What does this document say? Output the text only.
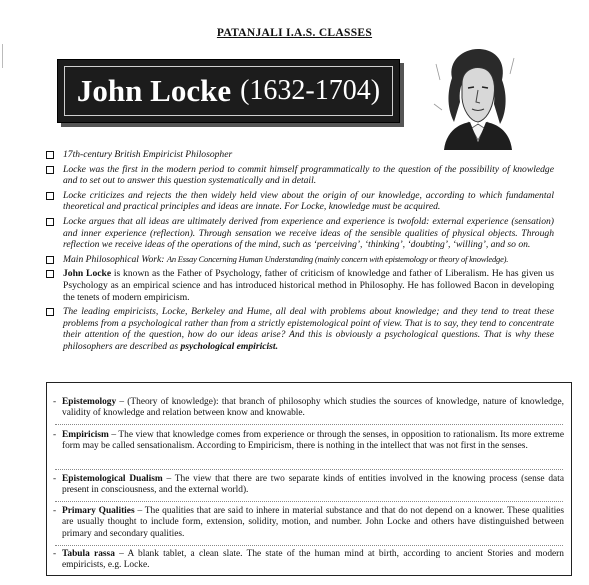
PATANJALI I.A.S. CLASSES
John Locke (1632-1704)
17th-century British Empiricist Philosopher
Locke was the first in the modern period to commit himself programmatically to the question of the possibility of knowledge and to set out to answer this question systematically and in detail.
Locke criticizes and rejects the then widely held view about the origin of our knowledge, according to which fundamental theoretical and practical principles and ideas are innate. For Locke, knowledge must be acquired.
Locke argues that all ideas are ultimately derived from experience and experience is twofold: external experience (sensation) and inner experience (reflection). Through sensation we receive ideas of the sensible qualities of physical objects. Through reflection we receive ideas of the operations of the mind, such as ‘perceiving’, ‘thinking’, ‘doubting’, ‘willing’, and so on.
Main Philosophical Work: An Essay Concerning Human Understanding (mainly concern with epistemology or theory of knowledge).
John Locke is known as the Father of Psychology, father of criticism of knowledge and father of Liberalism. He has given us Psychology as an empirical science and has introduced historical method in Philosophy. He has followed Bacon in developing the tenets of modern empiricism.
The leading empiricists, Locke, Berkeley and Hume, all deal with problems about knowledge; and they tend to treat these problems from a psychological rather than from a strictly epistemological point of view. That is to say, they tend to concentrate their attention of the question, how do our ideas arise? And this is obviously a psychological questions. That is why these philosophers are described as psychological empiricist.
- Epistemology – (Theory of knowledge): that branch of philosophy which studies the sources of knowledge, nature of knowledge, validity of knowledge and relation between know and knowable.
- Empiricism – The view that knowledge comes from experience or through the senses, in opposition to rationalism. Its more extreme form may be called sensationalism. According to Empiricism, there is nothing in the intellect that was not first in the senses.
- Epistemological Dualism – The view that there are two separate kinds of entities involved in the knowing process (sense data present in consciousness, and the external world).
- Primary Qualities – The qualities that are said to inhere in material substance and that do not depend on a knower. These qualities are usually thought to include form, extension, solidity, motion, and number. John Locke and others have distinguished between primary and secondary qualities.
- Tabula rassa – A blank tablet, a clean slate. The state of the human mind at birth, according to ancient Stories and modern empiricists, e.g. Locke.
